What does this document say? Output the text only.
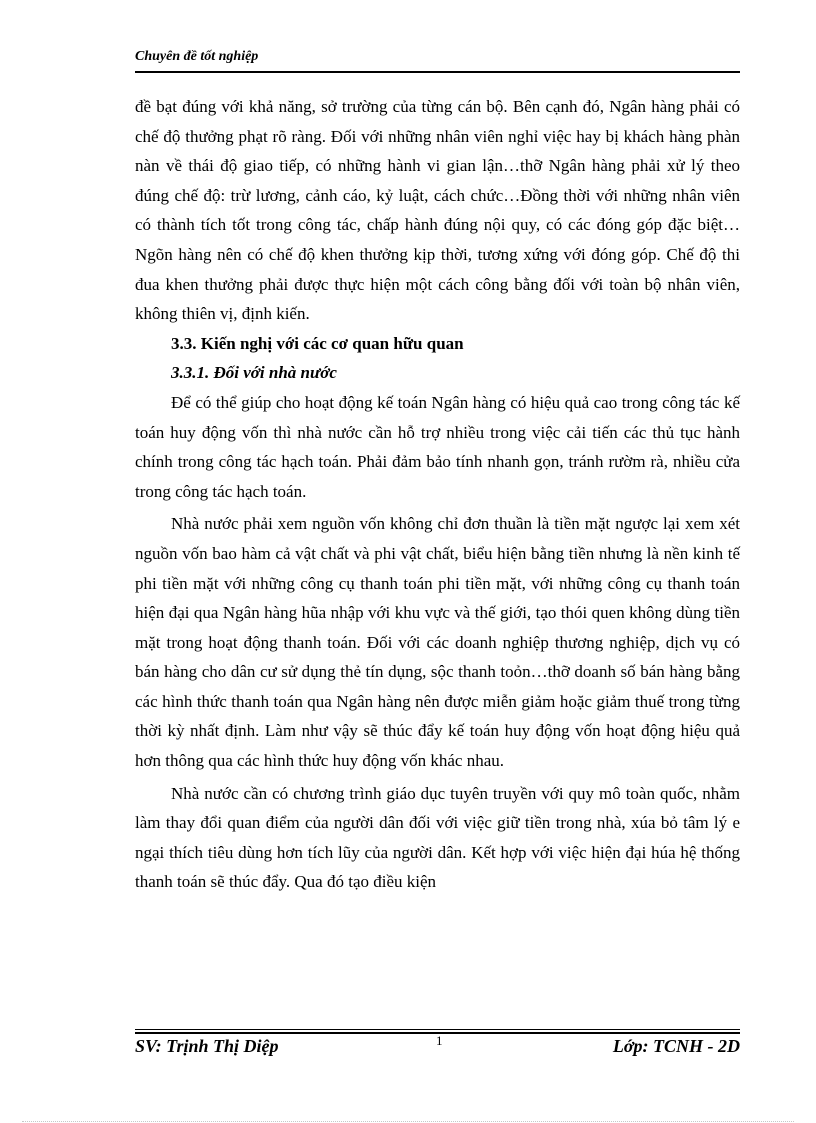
Chuyên đề tốt nghiệp

đề bạt đúng với khả năng, sở trường của từng cán bộ. Bên cạnh đó, Ngân hàng phải có chế độ thưởng phạt rõ ràng. Đối với những nhân viên nghỉ việc hay bị khách hàng phàn nàn về thái độ giao tiếp, có những hành vi gian lận…thỡ Ngân hàng phải xử lý theo đúng chế độ: trừ lương, cảnh cáo, kỷ luật, cách chức…Đồng thời với những nhân viên có thành tích tốt trong công tác, chấp hành đúng nội quy, có các đóng góp đặc biệt…Ngõn hàng nên có chế độ khen thưởng kịp thời, tương xứng với đóng góp. Chế độ thi đua khen thưởng phải được thực hiện một cách công bằng đối với toàn bộ nhân viên, không thiên vị, định kiến.

3.3. Kiến nghị với các cơ quan hữu quan
3.3.1. Đối với nhà nước

Để có thể giúp cho hoạt động kế toán Ngân hàng có hiệu quả cao trong công tác kế toán huy động vốn thì nhà nước cần hỗ trợ nhiều trong việc cải tiến các thủ tục hành chính trong công tác hạch toán. Phải đảm bảo tính nhanh gọn, tránh rườm rà, nhiều cửa trong công tác hạch toán.

Nhà nước phải xem nguồn vốn không chỉ đơn thuần là tiền mặt ngược lại xem xét nguồn vốn bao hàm cả vật chất và phi vật chất, biểu hiện bằng tiền nhưng là nền kinh tế phi tiền mặt với những công cụ thanh toán phi tiền mặt, với những công cụ thanh toán hiện đại qua Ngân hàng hũa nhập với khu vực và thế giới, tạo thói quen không dùng tiền mặt trong hoạt động thanh toán. Đối với các doanh nghiệp thương nghiệp, dịch vụ có bán hàng cho dân cư sử dụng thẻ tín dụng, sộc thanh toỏn…thỡ doanh số bán hàng bằng các hình thức thanh toán qua Ngân hàng nên được miễn giảm hoặc giảm thuế trong từng thời kỳ nhất định. Làm như vậy sẽ thúc đẩy kế toán huy động vốn hoạt động hiệu quả hơn thông qua các hình thức huy động vốn khác nhau.

Nhà nước cần có chương trình giáo dục tuyên truyền với quy mô toàn quốc, nhằm làm thay đổi quan điểm của người dân đối với việc giữ tiền trong nhà, xúa bỏ tâm lý e ngại thích tiêu dùng hơn tích lũy của người dân. Kết hợp với việc hiện đại húa hệ thống thanh toán sẽ thúc đẩy. Qua đó tạo điều kiện

SV: Trịnh Thị Diệp	1	Lớp: TCNH - 2D
